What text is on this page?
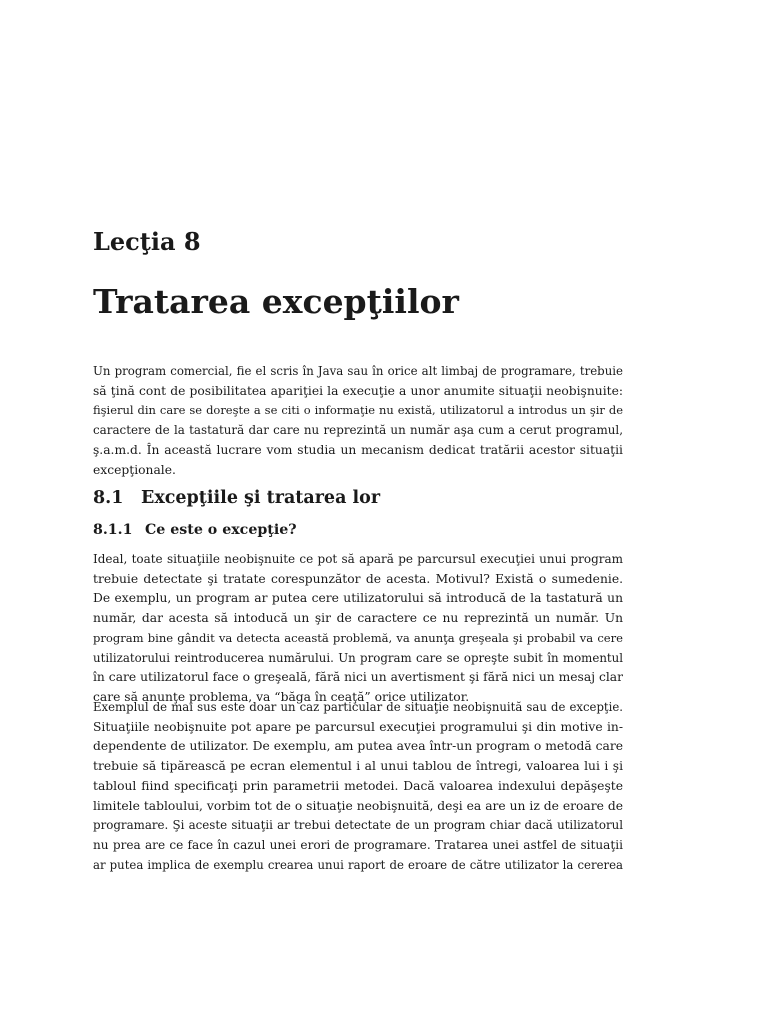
Lecţia 8
Tratarea excepţiilor
Un program comercial, fie el scris în Java sau în orice alt limbaj de programare, trebuie
să ţină cont de posibilitatea apariţiei la execuţie a unor anumite situaţii neobişnuite:
fişierul din care se doreşte a se citi o informaţie nu există, utilizatorul a introdus un şir de
caractere de la tastatură dar care nu reprezintă un număr aşa cum a cerut programul,
ş.a.m.d. În această lucrare vom studia un mecanism dedicat tratării acestor situaţii
excepţionale.
8.1 Excepţiile şi tratarea lor
8.1.1 Ce este o excepţie?
Ideal, toate situaţiile neobişnuite ce pot să apară pe parcursul execuţiei unui program
trebuie detectate şi tratate corespunzător de acesta. Motivul? Există o sumedenie.
De exemplu, un program ar putea cere utilizatorului să introducă de la tastatură un
număr, dar acesta să intoducă un şir de caractere ce nu reprezintă un număr. Un
program bine gândit va detecta această problemă, va anunţa greşeala şi probabil va cere
utilizatorului reintroducerea numărului. Un program care se opreşte subit în momentul
în care utilizatorul face o greşeală, fără nici un avertisment şi fără nici un mesaj clar
care să anunţe problema, va “băga în ceaţă” orice utilizator.
Exemplul de mai sus este doar un caz particular de situaţie neobişnuită sau de excepţie.
Situaţiile neobişnuite pot apare pe parcursul execuţiei programului şi din motive in-
dependente de utilizator. De exemplu, am putea avea într-un program o metodă care
trebuie să tipărească pe ecran elementul i al unui tablou de întregi, valoarea lui i şi
tabloul fiind specificaţi prin parametrii metodei. Dacă valoarea indexului depăşeşte
limitele tabloului, vorbim tot de o situaţie neobişnuită, deşi ea are un iz de eroare de
programare. Şi aceste situaţii ar trebui detectate de un program chiar dacă utilizatorul
nu prea are ce face în cazul unei erori de programare. Tratarea unei astfel de situaţii
ar putea implica de exemplu crearea unui raport de eroare de către utilizator la cererea
